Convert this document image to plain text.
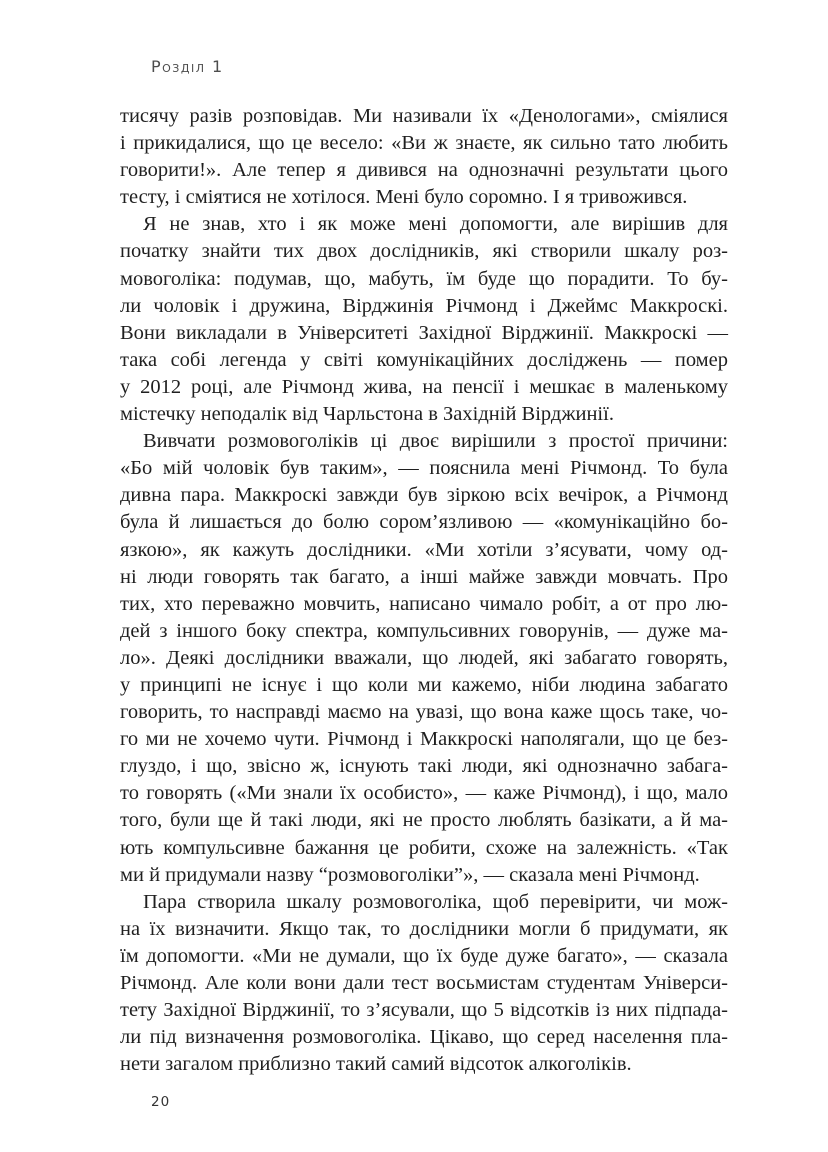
Розділ 1
тисячу разів розповідав. Ми називали їх «Денологами», сміялися
і прикидалися, що це весело: «Ви ж знаєте, як сильно тато любить
говорити!». Але тепер я дивився на однозначні результати цього
тесту, і сміятися не хотілося. Мені було соромно. І я тривожився.
Я не знав, хто і як може мені допомогти, але вирішив для
початку знайти тих двох дослідників, які створили шкалу роз-
мовоголіка: подумав, що, мабуть, їм буде що порадити. То бу-
ли чоловік і дружина, Вірджинія Річмонд і Джеймс Маккроскі.
Вони викладали в Університеті Західної Вірджинії. Маккроскі —
така собі легенда у світі комунікаційних досліджень — помер
у 2012 році, але Річмонд жива, на пенсії і мешкає в маленькому
містечку неподалік від Чарльстона в Західній Вірджинії.
Вивчати розмовоголіків ці двоє вирішили з простої причини:
«Бо мій чоловік був таким», — пояснила мені Річмонд. То була
дивна пара. Маккроскі завжди був зіркою всіх вечірок, а Річмонд
була й лишається до болю сором’язливою — «комунікаційно бо-
язкою», як кажуть дослідники. «Ми хотіли з’ясувати, чому од-
ні люди говорять так багато, а інші майже завжди мовчать. Про
тих, хто переважно мовчить, написано чимало робіт, а от про лю-
дей з іншого боку спектра, компульсивних говорунів, — дуже ма-
ло». Деякі дослідники вважали, що людей, які забагато говорять,
у принципі не існує і що коли ми кажемо, ніби людина забагато
говорить, то насправді маємо на увазі, що вона каже щось таке, чо-
го ми не хочемо чути. Річмонд і Маккроскі наполягали, що це без-
глуздо, і що, звісно ж, існують такі люди, які однозначно забага-
то говорять («Ми знали їх особисто», — каже Річмонд), і що, мало
того, були ще й такі люди, які не просто люблять базікати, а й ма-
ють компульсивне бажання це робити, схоже на залежність. «Так
ми й придумали назву “розмовоголіки”», — сказала мені Річмонд.
Пара створила шкалу розмовоголіка, щоб перевірити, чи мож-
на їх визначити. Якщо так, то дослідники могли б придумати, як
їм допомогти. «Ми не думали, що їх буде дуже багато», — сказала
Річмонд. Але коли вони дали тест восьмистам студентам Універси-
тету Західної Вірджинії, то з’ясували, що 5 відсотків із них підпада-
ли під визначення розмовоголіка. Цікаво, що серед населення пла-
нети загалом приблизно такий самий відсоток алкоголіків.
20
